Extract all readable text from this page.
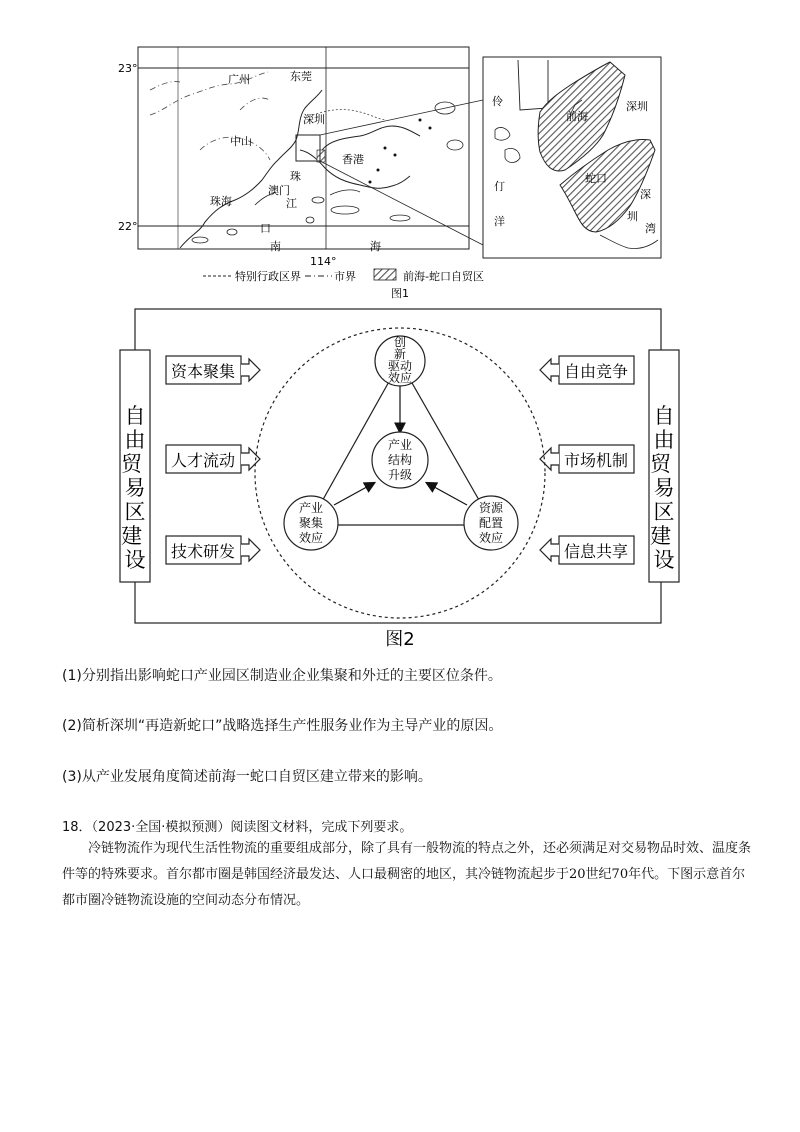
23°
22°
114°
广州	东莞
深圳
中山
香港
珠
澳门
江
口
珠海
南	海
伶
仃
洋
前海
深圳
蛇口
深
圳
湾
特别行政区界	市界	前海-蛇口自贸区
图1
自由贸 易区建 设
自由贸 易区建 设
资本聚集
人才流动
技术研发
自由竞争
市场机制
信息共享
创新驱动效应
产业结构升级
产业聚集效应
资源配置效应
图2
(1)分别指出影响蛇口产业园区制造业企业集聚和外迁的主要区位条件。
(2)简析深圳“再造新蛇口”战略选择生产性服务业作为主导产业的原因。
(3)从产业发展角度简述前海一蛇口自贸区建立带来的影响。
18．（2023·全国·模拟预测）阅读图文材料，完成下列要求。
冷链物流作为现代生活性物流的重要组成部分，除了具有一般物流的特点之外，还必须满足对交易物品时效、温度条件等的特殊要求。首尔都市圈是韩国经济最发达、人口最稠密的地区，其冷链物流起步于20世纪70年代。下图示意首尔都市圈冷链物流设施的空间动态分布情况。
